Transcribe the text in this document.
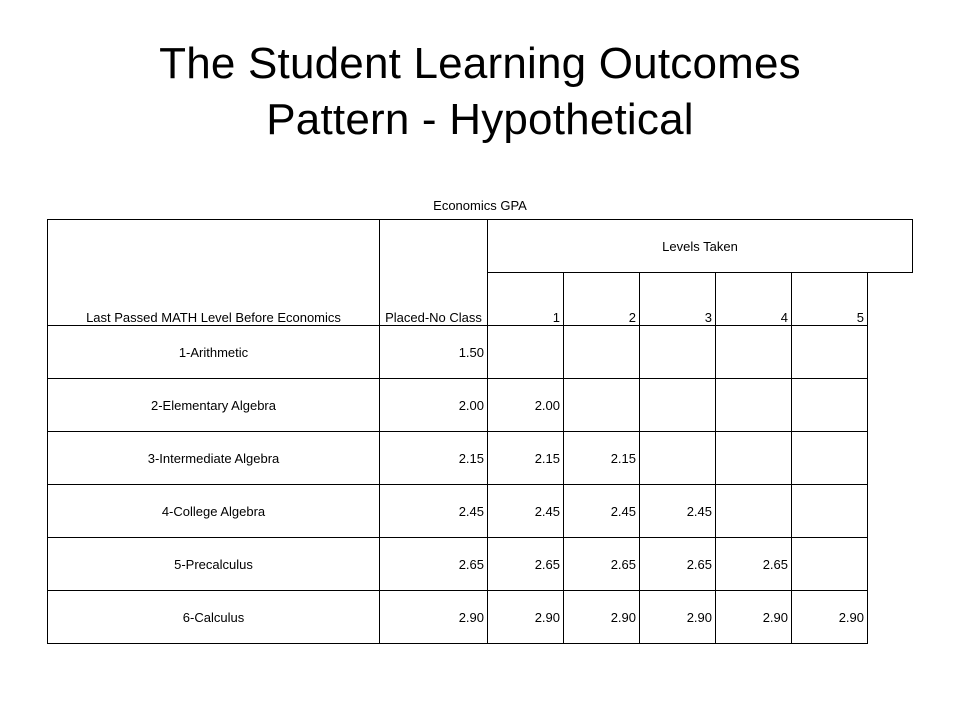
The Student Learning Outcomes
Pattern - Hypothetical
Economics GPA
Last Passed MATH Level Before Economics	Placed-No Class	Levels Taken				
		1	2	3	4	5
1-Arithmetic	1.50					
2-Elementary Algebra	2.00	2.00				
3-Intermediate Algebra	2.15	2.15	2.15			
4-College Algebra	2.45	2.45	2.45	2.45		
5-Precalculus	2.65	2.65	2.65	2.65	2.65	
6-Calculus	2.90	2.90	2.90	2.90	2.90	2.90
